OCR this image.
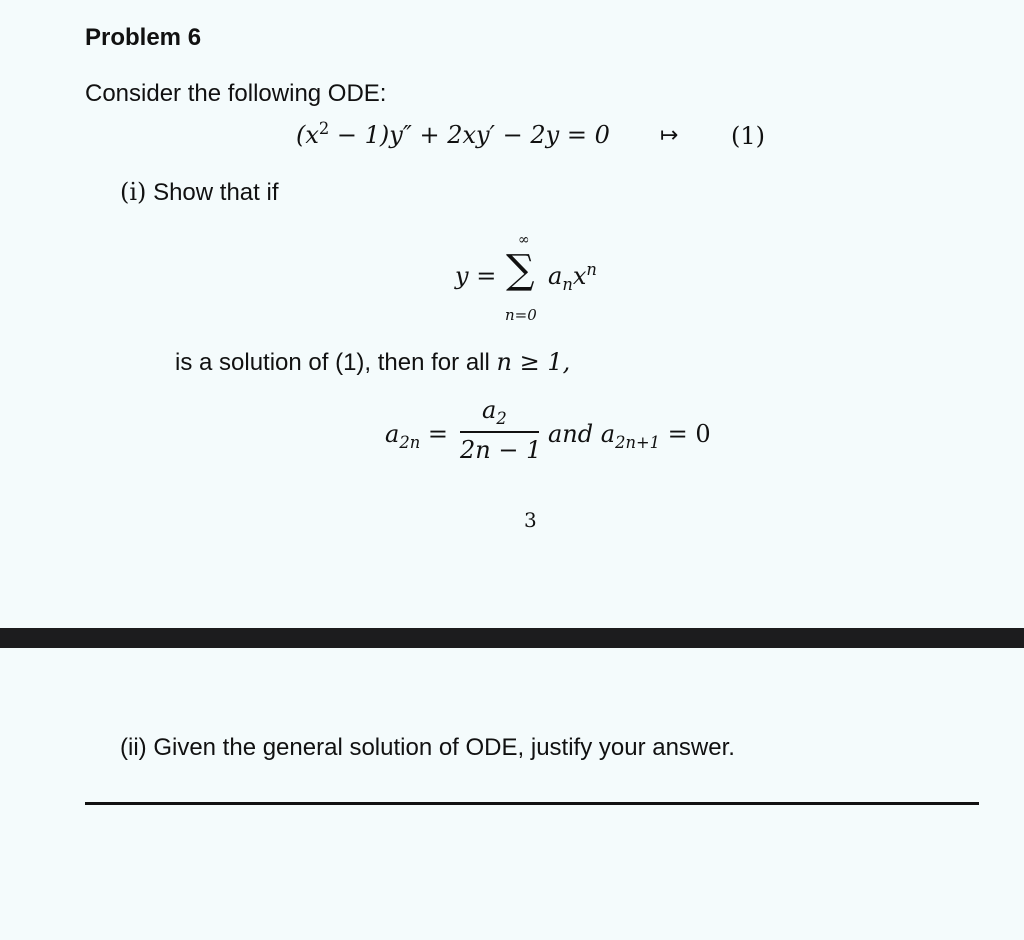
Problem 6
Consider the following ODE:
$(x^2 - 1)y'' + 2xy' - 2y = 0$ ↦ (1)
(i) Show that if
y =
∞
∑
n=0
$a_nx^n$
is a solution of (1), then for all n ≥ 1,
$a_{2n}$ =
$a_2$
2n − 1
and $a_{2n+1} = 0$
3
(ii) Given the general solution of ODE, justify your answer.
